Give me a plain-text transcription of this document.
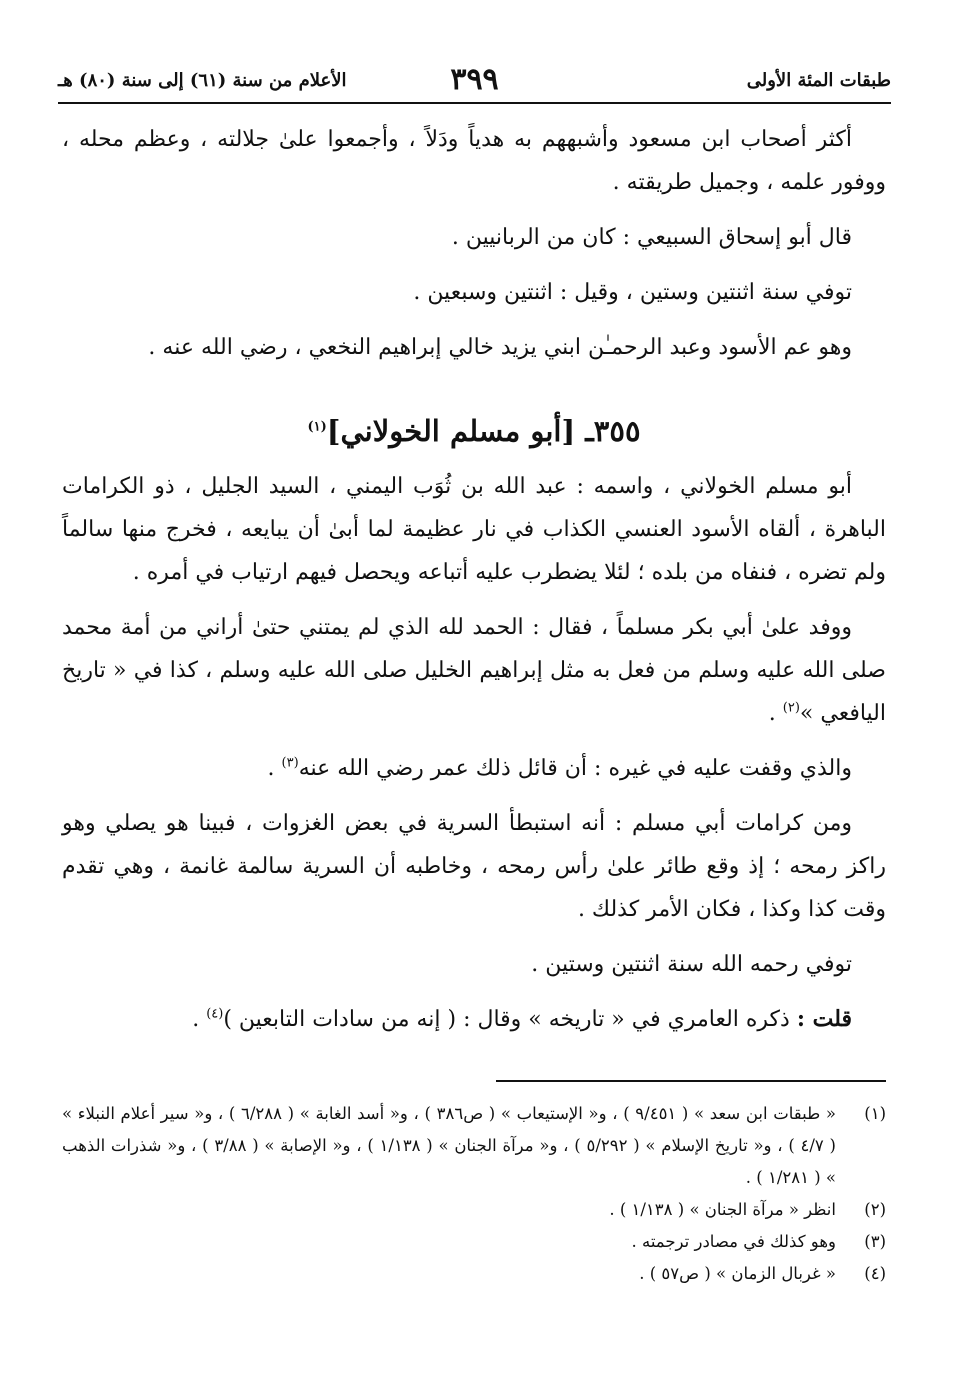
طبقات المئة الأولى
٣٩٩
الأعلام من سنة (٦١) إلى سنة (٨٠) هـ

أكثر أصحاب ابن مسعود وأشبههم به هدياً ودَلاً ، وأجمعوا علىٰ جلالته ، وعظم محله ، ووفور علمه ، وجميل طريقته .

قال أبو إسحاق السبيعي : كان من الربانيين .

توفي سنة اثنتين وستين ، وقيل : اثنتين وسبعين .

وهو عم الأسود وعبد الرحمـٰن ابني يزيد خالي إبراهيم النخعي ، رضي الله عنه .

٣٥٥ـ [أبو مسلم الخولاني]$^{(١)}$

أبو مسلم الخولاني ، واسمه : عبد الله بن ثُوَب اليمني ، السيد الجليل ، ذو الكرامات الباهرة ، ألقاه الأسود العنسي الكذاب في نار عظيمة لما أبىٰ أن يبايعه ، فخرج منها سالماً ولم تضره ، فنفاه من بلده ؛ لئلا يضطرب عليه أتباعه ويحصل فيهم ارتياب في أمره .

ووفد علىٰ أبي بكر مسلماً ، فقال : الحمد لله الذي لم يمتني حتىٰ أراني من أمة محمد صلى الله عليه وسلم من فعل به مثل إبراهيم الخليل صلى الله عليه وسلم ، كذا في « تاريخ اليافعي »$^{(٢)}$ .

والذي وقفت عليه في غيره : أن قائل ذلك عمر رضي الله عنه$^{(٣)}$ .

ومن كرامات أبي مسلم : أنه استبطأ السرية في بعض الغزوات ، فبينا هو يصلي وهو راكز رمحه ؛ إذ وقع طائر علىٰ رأس رمحه ، وخاطبه أن السرية سالمة غانمة ، وهي تقدم وقت كذا وكذا ، فكان الأمر كذلك .

توفي رحمه الله سنة اثنتين وستين .

قلت : ذكره العامري في « تاريخه » وقال : ( إنه من سادات التابعين )$^{(٤)}$ .

(١)
« طبقات ابن سعد » ( ٩/٤٥١ ) ، و« الإستيعاب » ( ص٣٨٦ ) ، و« أسد الغابة » ( ٦/٢٨٨ ) ، و« سير أعلام النبلاء » ( ٤/٧ ) ، و« تاريخ الإسلام » ( ٥/٢٩٢ ) ، و« مرآة الجنان » ( ١/١٣٨ ) ، و« الإصابة » ( ٣/٨٨ ) ، و« شذرات الذهب » ( ١/٢٨١ ) .
(٢)
انظر « مرآة الجنان » ( ١/١٣٨ ) .
(٣)
وهو كذلك في مصادر ترجمته .
(٤)
« غربال الزمان » ( ص٥٧ ) .
